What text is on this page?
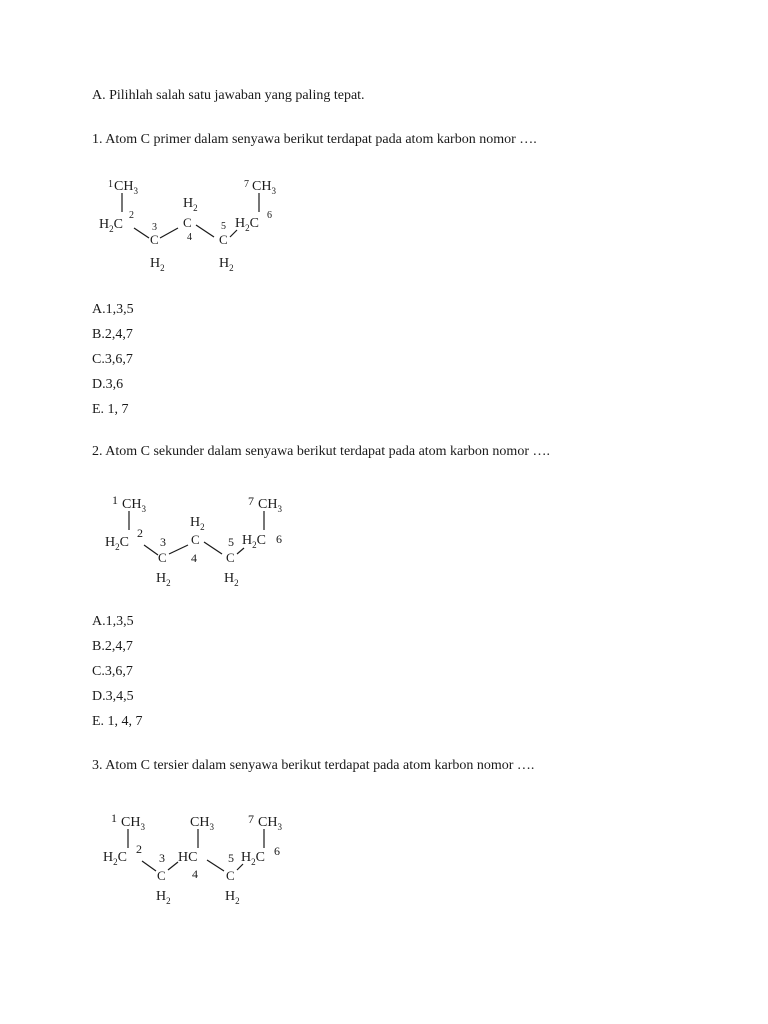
A. Pilihlah salah satu jawaban yang paling tepat.
1. Atom C primer dalam senyawa berikut terdapat pada atom karbon nomor ….
1 $CH_3$
$H_2C$
2
3
C
$H_2$
$H_2$
C
4
5
C
$H_2$
$H_2C$
6
7 $CH_3$
A.1,3,5
B.2,4,7
C.3,6,7
D.3,6
E. 1, 7
2. Atom C sekunder dalam senyawa berikut terdapat pada atom karbon nomor ….
1 $CH_3$
$H_2C$
2
3
C
$H_2$
$H_2$
C
4
5
C
$H_2$
$H_2C$ 6
7 $CH_3$
A.1,3,5
B.2,4,7
C.3,6,7
D.3,4,5
E. 1, 4, 7
3. Atom C tersier dalam senyawa berikut terdapat pada atom karbon nomor ….
1 $CH_3$
$H_2C$
2
3
C
$H_2$
$CH_3$
HC
4
5
C
$H_2$
$H_2C$ 6
7 $CH_3$
